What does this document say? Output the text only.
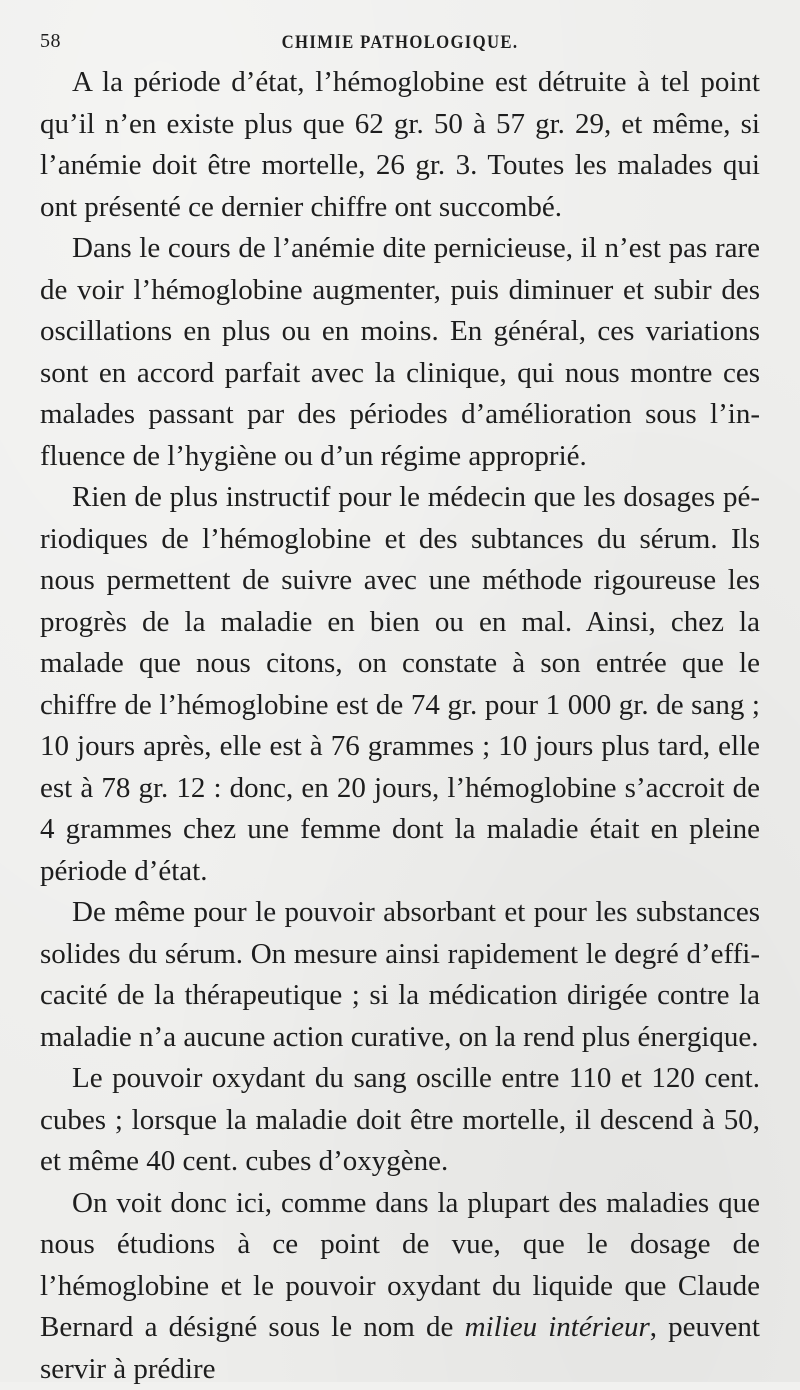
58	CHIMIE PATHOLOGIQUE.

A la période d’état, l’hémoglobine est détruite à tel point qu’il n’en existe plus que 62 gr. 50 à 57 gr. 29, et même, si l’anémie doit être mortelle, 26 gr. 3. Toutes les malades qui ont présenté ce dernier chiffre ont succombé.

Dans le cours de l’anémie dite pernicieuse, il n’est pas rare de voir l’hémoglobine augmenter, puis diminuer et subir des oscillations en plus ou en moins. En général, ces variations sont en accord parfait avec la clinique, qui nous montre ces malades passant par des périodes d’amélioration sous l’influence de l’hygiène ou d’un régime approprié.

Rien de plus instructif pour le médecin que les dosages périodiques de l’hémoglobine et des subtances du sérum. Ils nous permettent de suivre avec une méthode rigoureuse les progrès de la maladie en bien ou en mal. Ainsi, chez la malade que nous citons, on constate à son entrée que le chiffre de l’hémoglobine est de 74 gr. pour 1 000 gr. de sang ; 10 jours après, elle est à 76 grammes ; 10 jours plus tard, elle est à 78 gr. 12 : donc, en 20 jours, l’hémoglobine s’accroit de 4 grammes chez une femme dont la maladie était en pleine période d’état.

De même pour le pouvoir absorbant et pour les substances solides du sérum. On mesure ainsi rapidement le degré d’efficacité de la thérapeutique ; si la médication dirigée contre la maladie n’a aucune action curative, on la rend plus énergique.

Le pouvoir oxydant du sang oscille entre 110 et 120 cent. cubes ; lorsque la maladie doit être mortelle, il descend à 50, et même 40 cent. cubes d’oxygène.

On voit donc ici, comme dans la plupart des maladies que nous étudions à ce point de vue, que le dosage de l’hémoglobine et le pouvoir oxydant du liquide que Claude Bernard a désigné sous le nom de milieu intérieur, peuvent servir à prédire
